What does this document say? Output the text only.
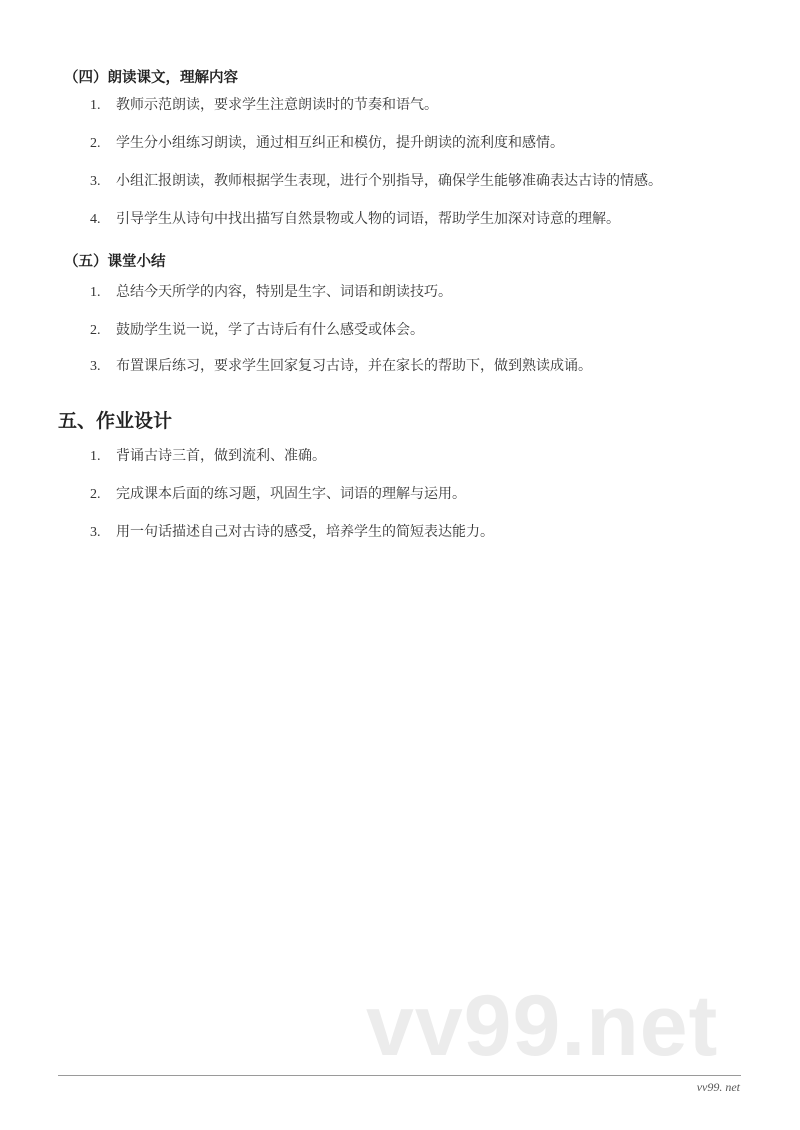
（四）朗读课文，理解内容
1. 教师示范朗读，要求学生注意朗读时的节奏和语气。
2. 学生分小组练习朗读，通过相互纠正和模仿，提升朗读的流利度和感情。
3. 小组汇报朗读，教师根据学生表现，进行个别指导，确保学生能够准确表达古诗的情感。
4. 引导学生从诗句中找出描写自然景物或人物的词语，帮助学生加深对诗意的理解。
（五）课堂小结
1. 总结今天所学的内容，特别是生字、词语和朗读技巧。
2. 鼓励学生说一说，学了古诗后有什么感受或体会。
3. 布置课后练习，要求学生回家复习古诗，并在家长的帮助下，做到熟读成诵。
五、作业设计
1. 背诵古诗三首，做到流利、准确。
2. 完成课本后面的练习题，巩固生字、词语的理解与运用。
3. 用一句话描述自己对古诗的感受，培养学生的简短表达能力。
vv99.net
vv99. net
